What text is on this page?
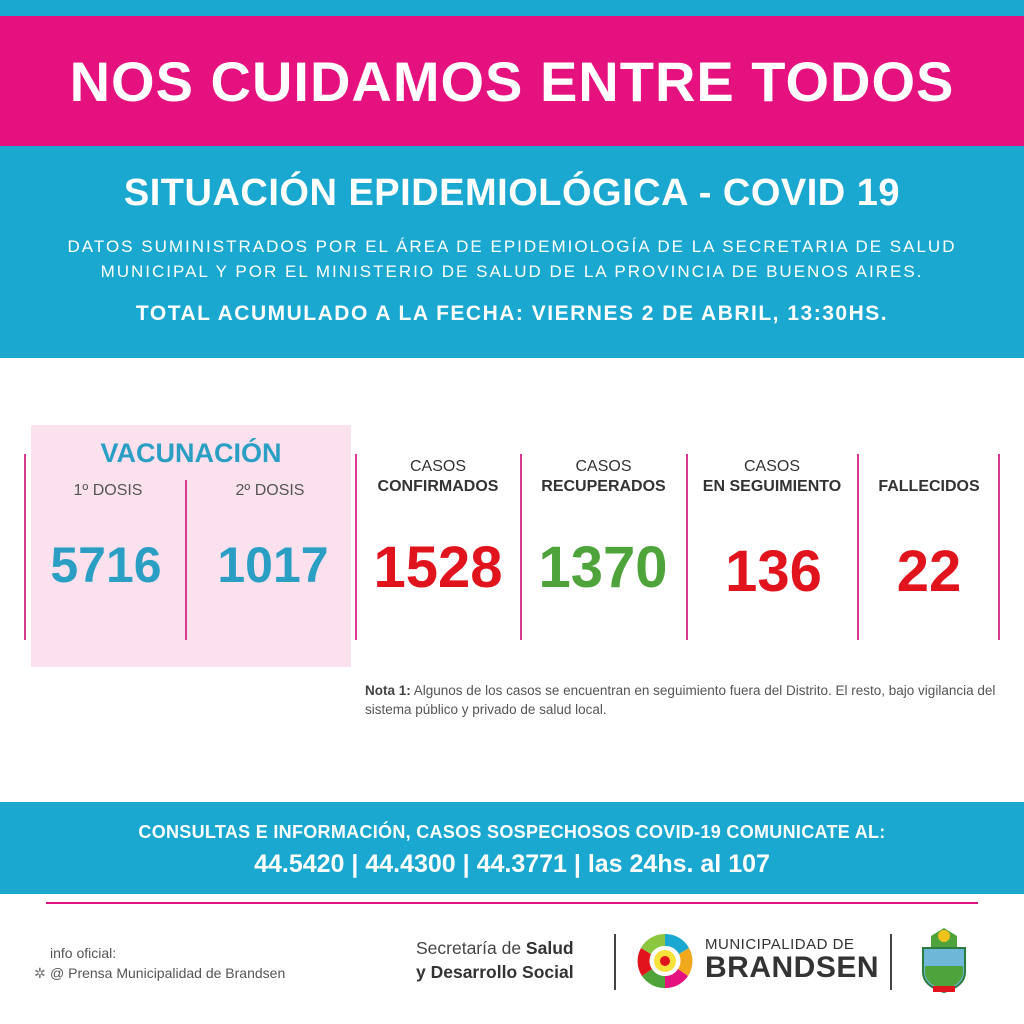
NOS CUIDAMOS ENTRE TODOS
SITUACIÓN EPIDEMIOLÓGICA - COVID 19
DATOS SUMINISTRADOS POR EL ÁREA DE EPIDEMIOLOGÍA DE LA SECRETARIA DE SALUD MUNICIPAL Y POR EL MINISTERIO DE SALUD DE LA PROVINCIA DE BUENOS AIRES.
TOTAL ACUMULADO A LA FECHA: VIERNES 2 DE ABRIL, 13:30HS.
VACUNACIÓN
1º DOSIS
5716
2º DOSIS
1017
CASOS
CONFIRMADOS
1528
CASOS
RECUPERADOS
1370
CASOS
EN SEGUIMIENTO
136

FALLECIDOS
22
Nota 1: Algunos de los casos se encuentran en seguimiento fuera del Distrito. El resto, bajo vigilancia del sistema público y privado de salud local.
CONSULTAS E INFORMACIÓN, CASOS SOSPECHOSOS COVID-19 COMUNICATE AL:
44.5420 | 44.4300 | 44.3771 | las 24hs. al 107
info oficial:
✲ @ Prensa Municipalidad de Brandsen
Secretaría de Salud
y Desarrollo Social
MUNICIPALIDAD DE
BRANDSEN
